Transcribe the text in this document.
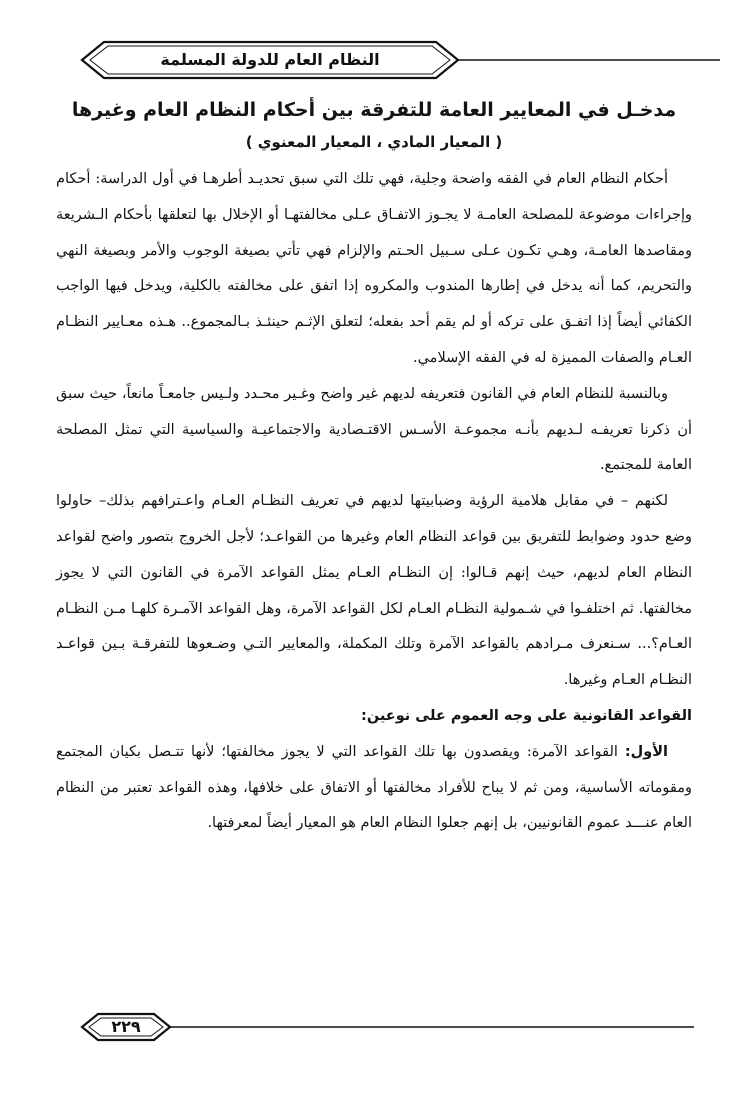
النظام العام للدولة المسلمة
مدخـل في المعايير العامة للتفرقة بين أحكام النظام العام وغيرها
( المعيار المادي ، المعيار المعنوي )

أحكام النظام العام في الفقه واضحة وجلية، فهي تلك التي سبق تحديـد أطرهـا في أول الدراسة: أحكام وإجراءات موضوعة للمصلحة العامـة لا يجـوز الاتفـاق عـلى مخالفتهـا أو الإخلال بها لتعلقها بأحكام الـشريعة ومقاصدها العامـة، وهـي تكـون عـلى سـبيل الحـتم والإلزام فهي تأتي بصيغة الوجوب والأمر وبصيغة النهي والتحريم، كما أنه يدخل في إطارها المندوب والمكروه إذا اتفق على مخالفته بالكلية، ويدخل فيها الواجب الكفائي أيضاً إذا اتفـق على تركه أو لم يقم أحد بفعله؛ لتعلق الإثـم حينئـذ بـالمجموع.. هـذه معـايير النظـام العـام والصفات المميزة له في الفقه الإسلامي.

وبالنسبة للنظام العام في القانون فتعريفه لديهم غير واضح وغـير محـدد ولـيس جامعـاً مانعاً، حيث سبق أن ذكرنا تعريفـه لـديهم بأنـه مجموعـة الأسـس الاقتـصادية والاجتماعيـة والسياسية التي تمثل المصلحة العامة للمجتمع.

لكنهم – في مقابل هلامية الرؤية وضبابيتها لديهم في تعريف النظـام العـام واعـترافهم بذلك– حاولوا وضع حدود وضوابط للتفريق بين قواعد النظام العام وغيرها من القواعـد؛ لأجل الخروج بتصور واضح لقواعد النظام العام لديهم، حيث إنهم قـالوا: إن النظـام العـام يمثل القواعد الآمرة في القانون التي لا يجوز مخالفتها. ثم اختلفـوا في شـمولية النظـام العـام لكل القواعد الآمرة، وهل القواعد الآمـرة كلهـا مـن النظـام العـام؟... سـنعرف مـرادهم بالقواعد الآمرة وتلك المكملة، والمعايير التـي وضـعوها للتفرقـة بـين قواعـد النظـام العـام وغيرها.

القواعد القانونية على وجه العموم على نوعين:

الأول: القواعد الآمرة: ويقصدون بها تلك القواعد التي لا يجوز مخالفتها؛ لأنها تتـصل بكيان المجتمع ومقوماته الأساسية، ومن ثم لا يباح للأفراد مخالفتها أو الاتفاق على خلافها، وهذه القواعد تعتبر من النظام العام عنـــد عموم القانونيين، بل إنهم جعلوا النظام العام هو المعيار أيضاً لمعرفتها.

٢٢٩
